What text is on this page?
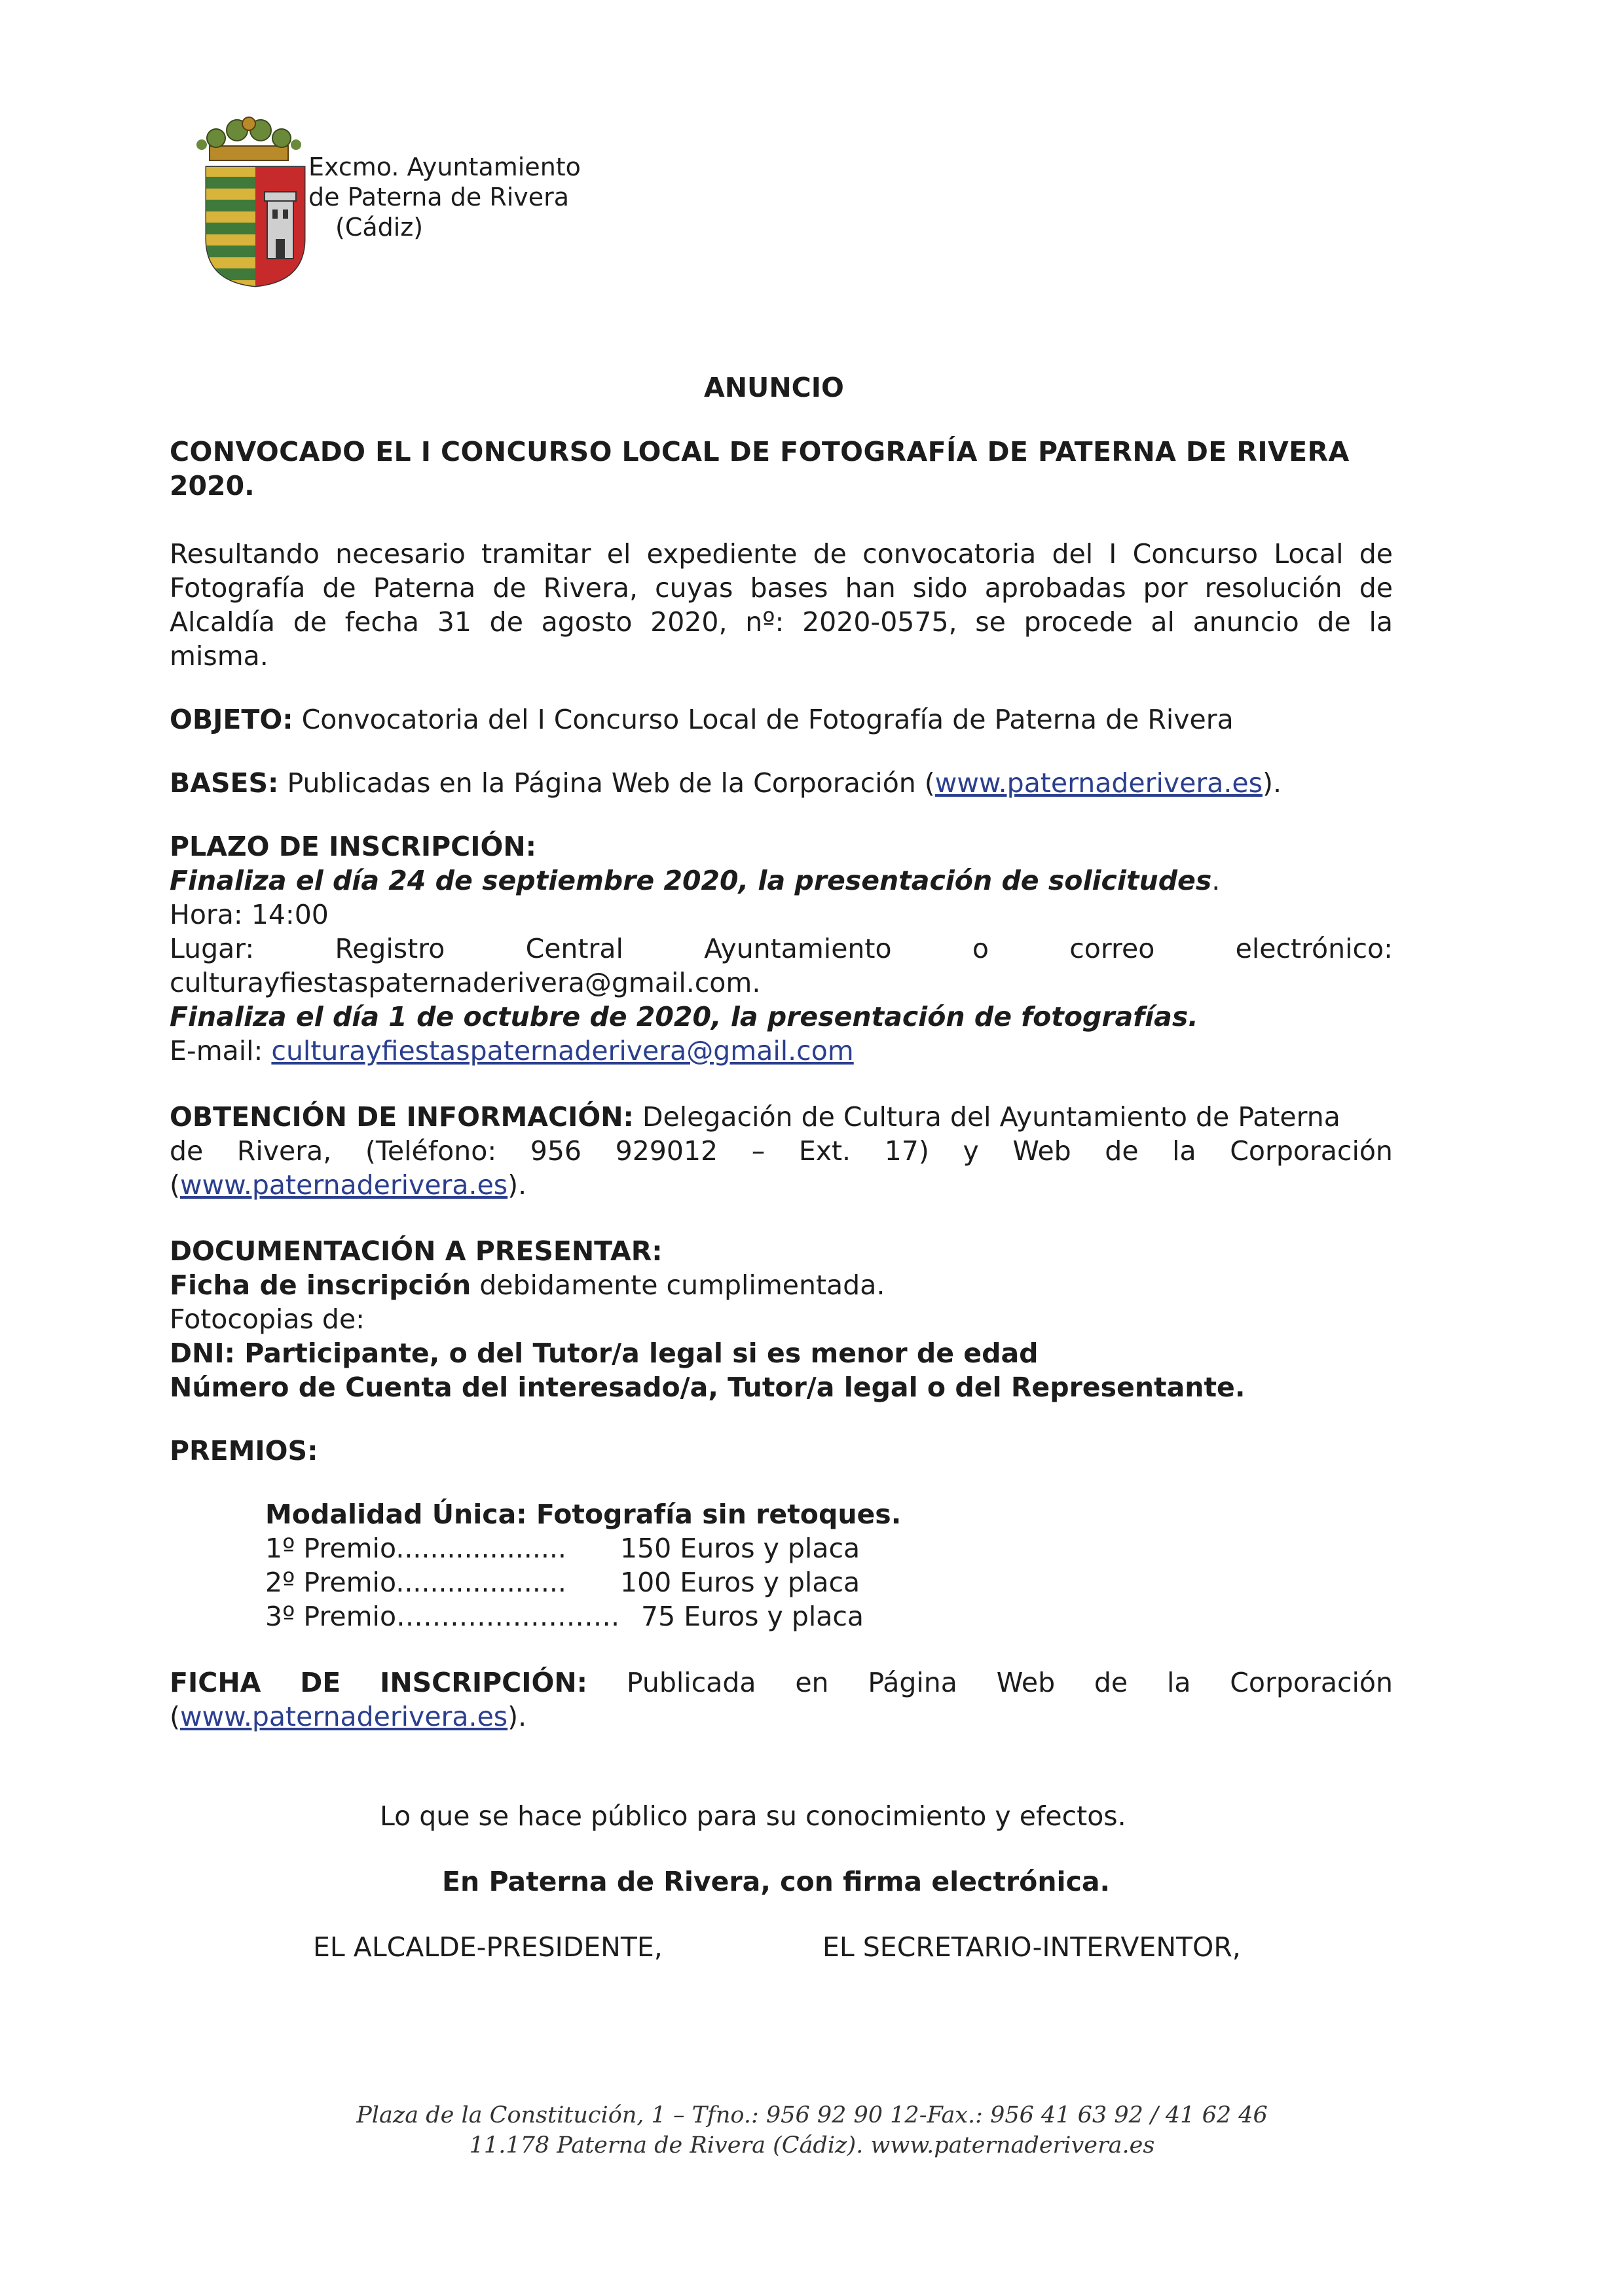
Excmo. Ayuntamiento
de Paterna de Rivera
(Cádiz)
ANUNCIO
CONVOCADO EL I CONCURSO LOCAL DE FOTOGRAFÍA DE PATERNA DE RIVERA
2020.
Resultando necesario tramitar el expediente de convocatoria del I Concurso Local de
Fotografía de Paterna de Rivera, cuyas bases han sido aprobadas por resolución de
Alcaldía de fecha 31 de agosto 2020, nº: 2020-0575, se procede al anuncio de la
misma.
OBJETO: Convocatoria del I Concurso Local de Fotografía de Paterna de Rivera
BASES: Publicadas en la Página Web de la Corporación (www.paternaderivera.es).
PLAZO DE INSCRIPCIÓN:
Finaliza el día 24 de septiembre 2020, la presentación de solicitudes.
Hora: 14:00
Lugar:	Registro	Central	Ayuntamiento	o	correo	electrónico:
culturayfiestaspaternaderivera@gmail.com.
Finaliza el día 1 de octubre de 2020, la presentación de fotografías.
E-mail: culturayfiestaspaternaderivera@gmail.com
OBTENCIÓN DE INFORMACIÓN: Delegación de Cultura del Ayuntamiento de Paterna
de Rivera, (Teléfono: 956 929012 – Ext. 17) y Web de la Corporación
(www.paternaderivera.es).
DOCUMENTACIÓN A PRESENTAR:
Ficha de inscripción debidamente cumplimentada.
Fotocopias de:
DNI: Participante, o del Tutor/a legal si es menor de edad
Número de Cuenta del interesado/a, Tutor/a legal o del Representante.
PREMIOS:
Modalidad Única: Fotografía sin retoques.
1º Premio.................... 150 Euros y placa
2º Premio.................... 100 Euros y placa
3º Premio……………………. 75 Euros y placa
FICHA DE INSCRIPCIÓN: Publicada en Página Web de la Corporación
(www.paternaderivera.es).
Lo que se hace público para su conocimiento y efectos.
En Paterna de Rivera, con firma electrónica.
EL ALCALDE-PRESIDENTE,	EL SECRETARIO-INTERVENTOR,
Plaza de la Constitución, 1 – Tfno.: 956 92 90 12-Fax.: 956 41 63 92 / 41 62 46
11.178 Paterna de Rivera (Cádiz). www.paternaderivera.es
